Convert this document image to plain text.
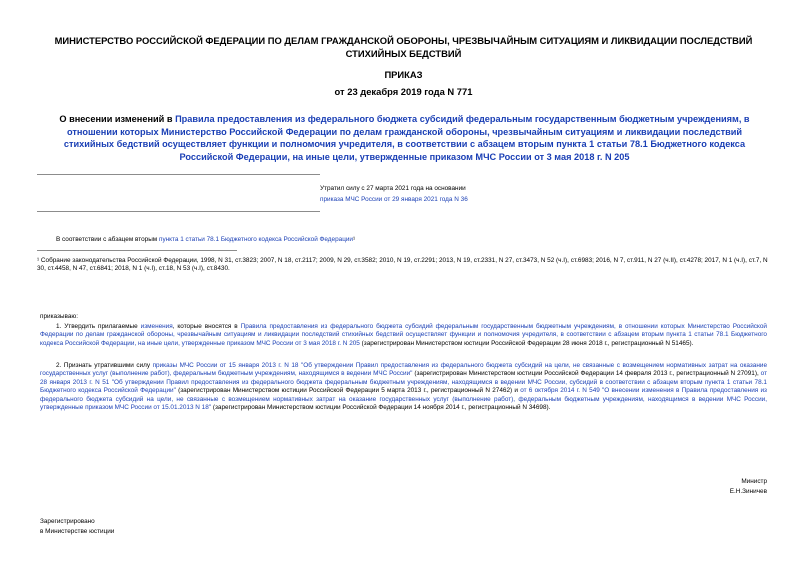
МИНИСТЕРСТВО РОССИЙСКОЙ ФЕДЕРАЦИИ ПО ДЕЛАМ ГРАЖДАНСКОЙ ОБОРОНЫ, ЧРЕЗВЫЧАЙНЫМ СИТУАЦИЯМ И ЛИКВИДАЦИИ ПОСЛЕДСТВИЙ СТИХИЙНЫХ БЕДСТВИЙ
ПРИКАЗ
от 23 декабря 2019 года N 771
О внесении изменений в Правила предоставления из федерального бюджета субсидий федеральным государственным бюджетным учреждениям, в отношении которых Министерство Российской Федерации по делам гражданской обороны, чрезвычайным ситуациям и ликвидации последствий стихийных бедствий осуществляет функции и полномочия учредителя, в соответствии с абзацем вторым пункта 1 статьи 78.1 Бюджетного кодекса Российской Федерации, на иные цели, утвержденные приказом МЧС России от 3 мая 2018 г. N 205
Утратил силу с 27 марта 2021 года на основании
приказа МЧС России от 29 января 2021 года N 36
В соответствии с абзацем вторым пункта 1 статьи 78.1 Бюджетного кодекса Российской Федерации¹
¹ Собрание законодательства Российской Федерации, 1998, N 31, ст.3823; 2007, N 18, ст.2117; 2009, N 29, ст.3582; 2010, N 19, ст.2291; 2013, N 19, ст.2331, N 27, ст.3473, N 52 (ч.I), ст.6983; 2016, N 7, ст.911, N 27 (ч.II), ст.4278; 2017, N 1 (ч.I), ст.7, N 30, ст.4458, N 47, ст.6841; 2018, N 1 (ч.I), ст.18, N 53 (ч.I), ст.8430.
приказываю:
1. Утвердить прилагаемые изменения, которые вносятся в Правила предоставления из федерального бюджета субсидий федеральным государственным бюджетным учреждениям, в отношении которых Министерство Российской Федерации по делам гражданской обороны, чрезвычайным ситуациям и ликвидации последствий стихийных бедствий осуществляет функции и полномочия учредителя, в соответствии с абзацем вторым пункта 1 статьи 78.1 Бюджетного кодекса Российской Федерации, на иные цели, утвержденные приказом МЧС России от 3 мая 2018 г. N 205 (зарегистрирован Министерством юстиции Российской Федерации 28 июня 2018 г., регистрационный N 51465).
2. Признать утратившими силу приказы МЧС России от 15 января 2013 г. N 18 "Об утверждении Правил предоставления из федерального бюджета субсидий на цели, не связанные с возмещением нормативных затрат на оказание государственных услуг (выполнение работ), федеральным бюджетным учреждениям, находящимся в ведении МЧС России" (зарегистрирован Министерством юстиции Российской Федерации 14 февраля 2013 г., регистрационный N 27091), от 28 января 2013 г. N 51 "Об утверждении Правил предоставления из федерального бюджета федеральным бюджетным учреждениям, находящимся в ведении МЧС России, субсидий в соответствии с абзацем вторым пункта 1 статьи 78.1 Бюджетного кодекса Российской Федерации" (зарегистрирован Министерством юстиции Российской Федерации 5 марта 2013 г., регистрационный N 27462) и от 6 октября 2014 г. N 549 "О внесении изменения в Правила предоставления из федерального бюджета субсидий на цели, не связанные с возмещением нормативных затрат на оказание государственных услуг (выполнение работ), федеральным бюджетным учреждениям, находящимся в ведении МЧС России, утвержденные приказом МЧС России от 15.01.2013 N 18" (зарегистрирован Министерством юстиции Российской Федерации 14 ноября 2014 г., регистрационный N 34698).
Министр
Е.Н.Зиничев
Зарегистрировано
в Министерстве юстиции
